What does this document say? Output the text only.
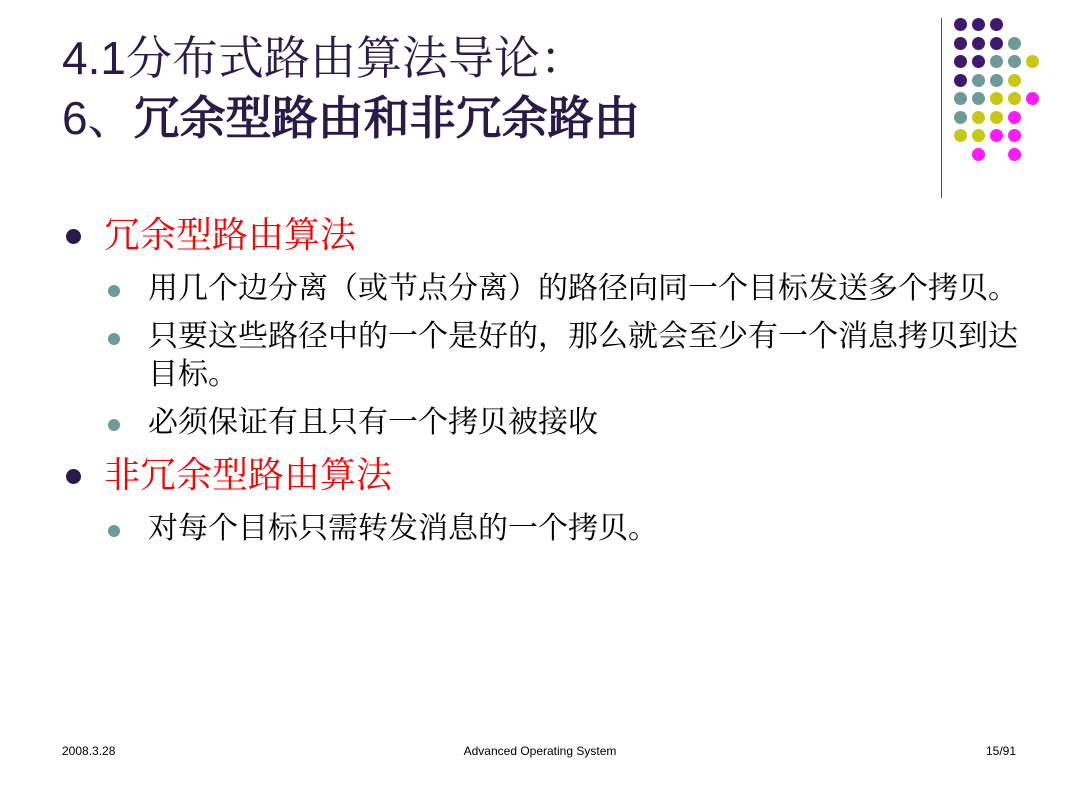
4.1分布式路由算法导论：

6、冗余型路由和非冗余路由

冗余型路由算法
用几个边分离（或节点分离）的路径向同一个目标发送多个拷贝。
只要这些路径中的一个是好的，那么就会至少有一个消息拷贝到达目标。
必须保证有且只有一个拷贝被接收
非冗余型路由算法
对每个目标只需转发消息的一个拷贝。
2008.3.28	Advanced Operating System	15/91
